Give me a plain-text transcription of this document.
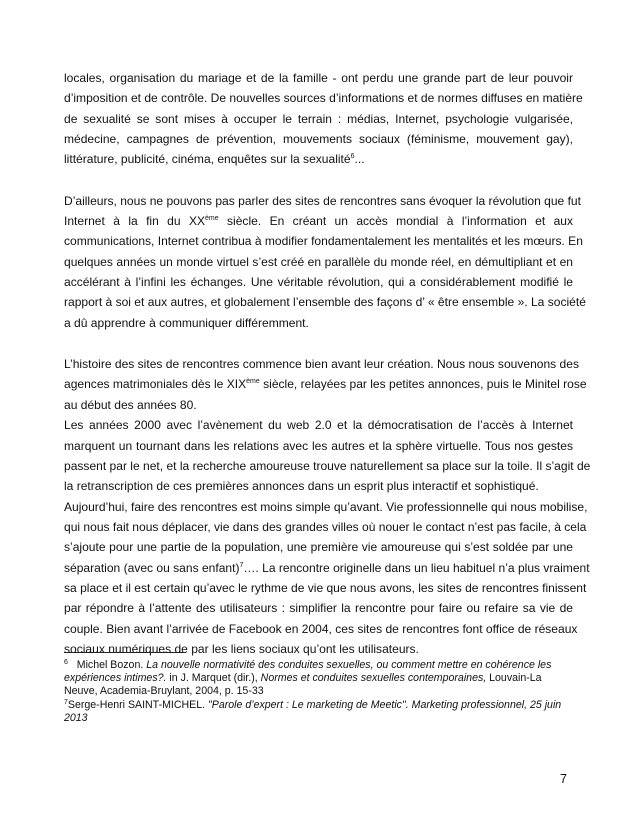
locales, organisation du mariage et de la famille - ont perdu une grande part de leur pouvoir
d’imposition et de contrôle. De nouvelles sources d’informations et de normes diffuses en matière
de sexualité se sont mises à occuper le terrain : médias, Internet, psychologie vulgarisée,
médecine, campagnes de prévention, mouvements sociaux (féminisme, mouvement gay),
littérature, publicité, cinéma, enquêtes sur la sexualité$^6$...
D’ailleurs, nous ne pouvons pas parler des sites de rencontres sans évoquer la révolution que fut
Internet à la fin du XXème siècle. En créant un accès mondial à l’information et aux
communications, Internet contribua à modifier fondamentalement les mentalités et les mœurs. En
quelques années un monde virtuel s’est créé en parallèle du monde réel, en démultipliant et en
accélérant à l’infini les échanges. Une véritable révolution, qui a considérablement modifié le
rapport à soi et aux autres, et globalement l’ensemble des façons d’ « être ensemble ». La société
a dû apprendre à communiquer différemment.
L’histoire des sites de rencontres commence bien avant leur création. Nous nous souvenons des
agences matrimoniales dès le XIXème siècle, relayées par les petites annonces, puis le Minitel rose
au début des années 80.
Les années 2000 avec l’avènement du web 2.0 et la démocratisation de l’accès à Internet
marquent un tournant dans les relations avec les autres et la sphère virtuelle. Tous nos gestes
passent par le net, et la recherche amoureuse trouve naturellement sa place sur la toile. Il s’agit de
la retranscription de ces premières annonces dans un esprit plus interactif et sophistiqué.
Aujourd’hui, faire des rencontres est moins simple qu’avant. Vie professionnelle qui nous mobilise,
qui nous fait nous déplacer, vie dans des grandes villes où nouer le contact n’est pas facile, à cela
s’ajoute pour une partie de la population, une première vie amoureuse qui s’est soldée par une
séparation (avec ou sans enfant)$^7$…. La rencontre originelle dans un lieu habituel n’a plus vraiment
sa place et il est certain qu’avec le rythme de vie que nous avons, les sites de rencontres finissent
par répondre à l’attente des utilisateurs : simplifier la rencontre pour faire ou refaire sa vie de
couple. Bien avant l’arrivée de Facebook en 2004, ces sites de rencontres font office de réseaux
sociaux numériques de par les liens sociaux qu’ont les utilisateurs.
$^6$ Michel Bozon. La nouvelle normativité des conduites sexuelles, ou comment mettre en cohérence les
expériences intimes?. in J. Marquet (dir.), Normes et conduites sexuelles contemporaines, Louvain-La
Neuve, Academia-Bruylant, 2004, p. 15-33
$^7$Serge-Henri SAINT-MICHEL. "Parole d’expert : Le marketing de Meetic". Marketing professionnel, 25 juin
2013
7
